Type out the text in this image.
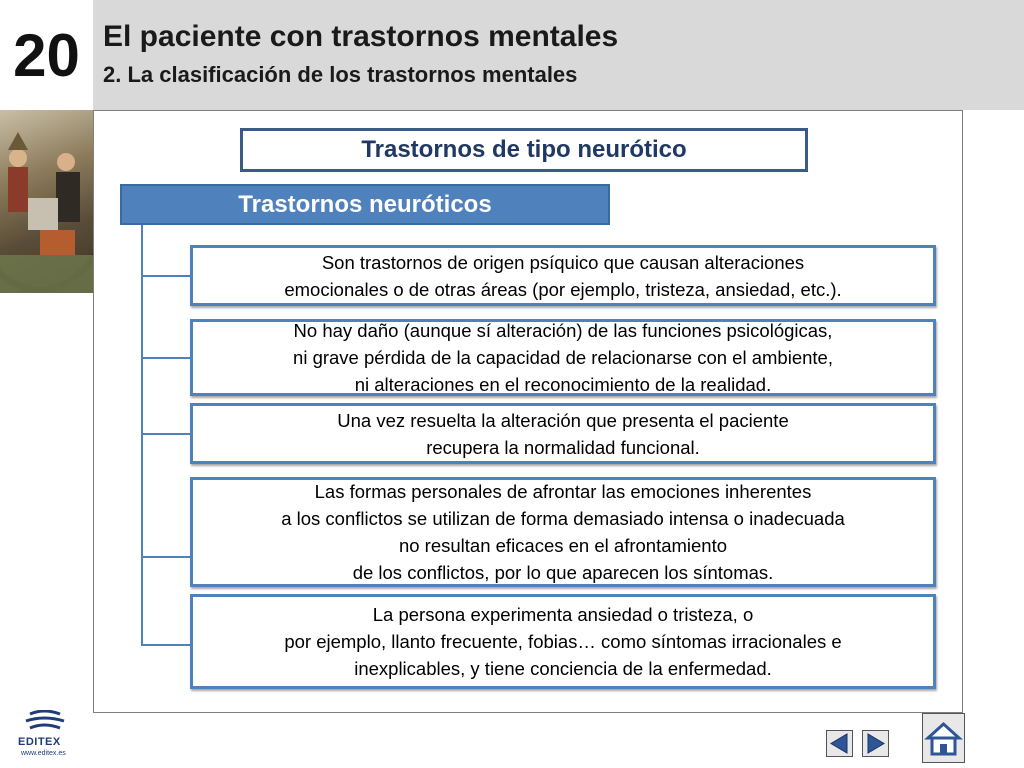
20 El paciente con trastornos mentales
2. La clasificación de los trastornos mentales
Trastornos de tipo neurótico
Trastornos neuróticos
Son trastornos de origen psíquico que causan alteraciones
emocionales o de otras áreas (por ejemplo, tristeza, ansiedad, etc.).
No hay daño (aunque sí alteración) de las funciones psicológicas,
ni grave pérdida de la capacidad de relacionarse con el ambiente,
ni alteraciones en el reconocimiento de la realidad.
Una vez resuelta la alteración que presenta el paciente
recupera la normalidad funcional.
Las formas personales de afrontar las emociones inherentes
a los conflictos se utilizan de forma demasiado intensa o inadecuada
no resultan eficaces en el afrontamiento
de los conflictos, por lo que aparecen los síntomas.
La persona experimenta ansiedad o tristeza, o
por ejemplo, llanto frecuente, fobias… como síntomas irracionales e
inexplicables, y tiene conciencia de la enfermedad.
EDITEX
www.editex.es
